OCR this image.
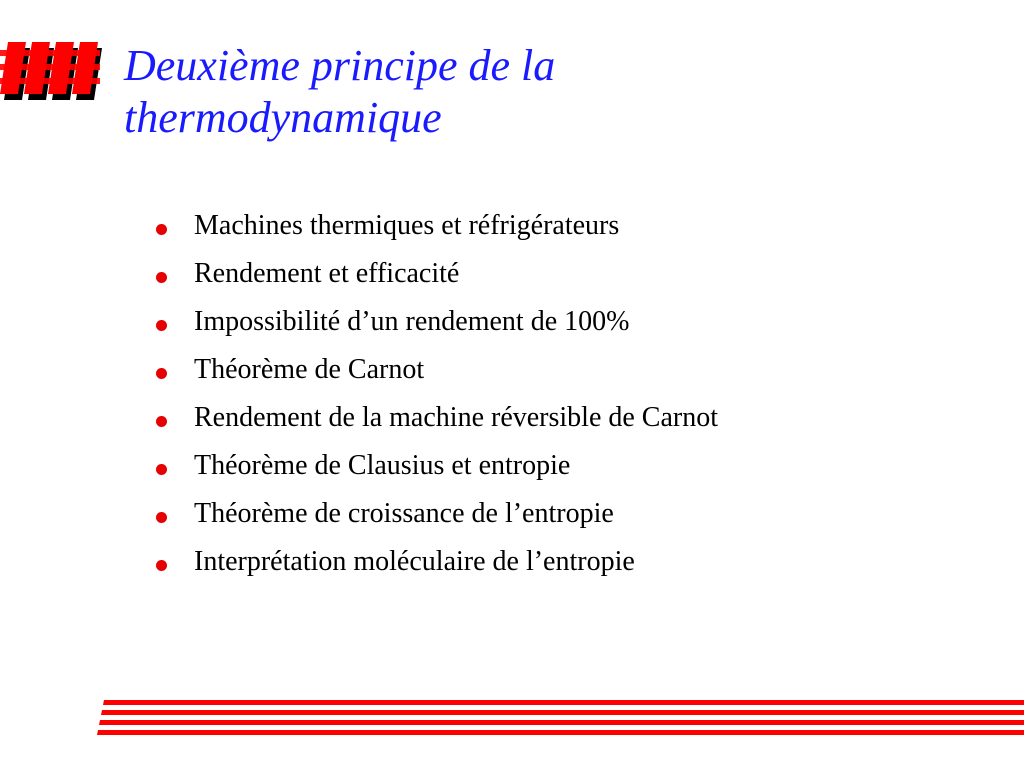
Deuxième principe de la
thermodynamique
Machines thermiques et réfrigérateurs
Rendement et efficacité
Impossibilité d’un rendement de 100%
Théorème de Carnot
Rendement de la machine réversible de Carnot
Théorème de Clausius et entropie
Théorème de croissance de l’entropie
Interprétation moléculaire de l’entropie
